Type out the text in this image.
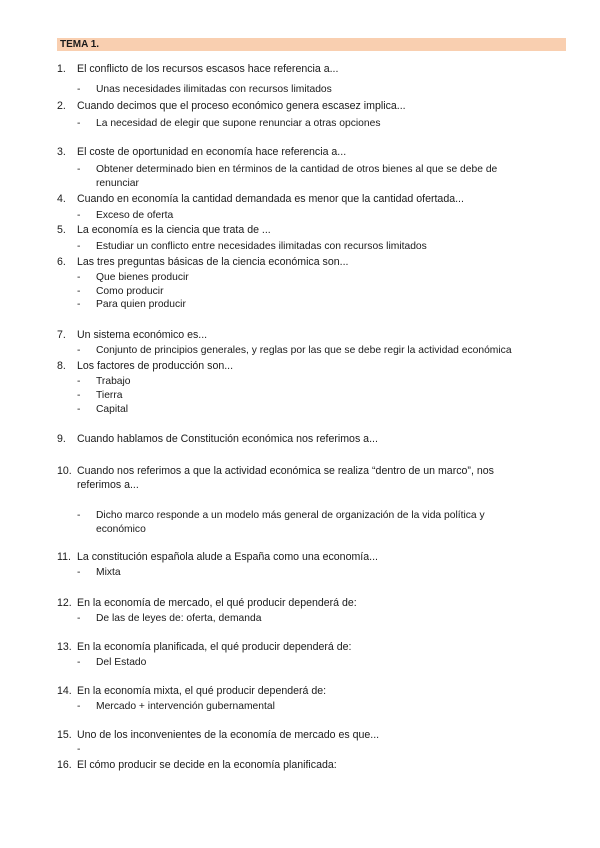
TEMA 1.
1.	El conflicto de los recursos escasos hace referencia a...
- Unas necesidades ilimitadas con recursos limitados
2.	Cuando decimos que el proceso económico genera escasez implica...
- La necesidad de elegir que supone renunciar a otras opciones
3.	El coste de oportunidad en economía hace referencia a...
- Obtener determinado bien en términos de la cantidad de otros bienes al que se debe de renunciar
4.	Cuando en economía la cantidad demandada es menor que la cantidad ofertada...
- Exceso de oferta
5.	La economía es la ciencia que trata de ...
- Estudiar un conflicto entre necesidades ilimitadas con recursos limitados
6.	Las tres preguntas básicas de la ciencia económica son...
- Que bienes producir
- Como producir
- Para quien producir
7.	Un sistema económico es...
- Conjunto de principios generales, y reglas por las que se debe regir la actividad económica
8.	Los factores de producción son...
- Trabajo
- Tierra
- Capital
9.	Cuando hablamos de Constitución económica nos referimos a...
10. Cuando nos referimos a que la actividad económica se realiza “dentro de un marco”, nos referimos a...
- Dicho marco responde a un modelo más general de organización de la vida política y económico
11. La constitución española alude a España como una economía...
- Mixta
12. En la economía de mercado, el qué producir dependerá de:
- De las de leyes de: oferta, demanda
13. En la economía planificada, el qué producir dependerá de:
- Del Estado
14. En la economía mixta, el qué producir dependerá de:
- Mercado + intervención gubernamental
15. Uno de los inconvenientes de la economía de mercado es que...
-
16. El cómo producir se decide en la economía planificada:
